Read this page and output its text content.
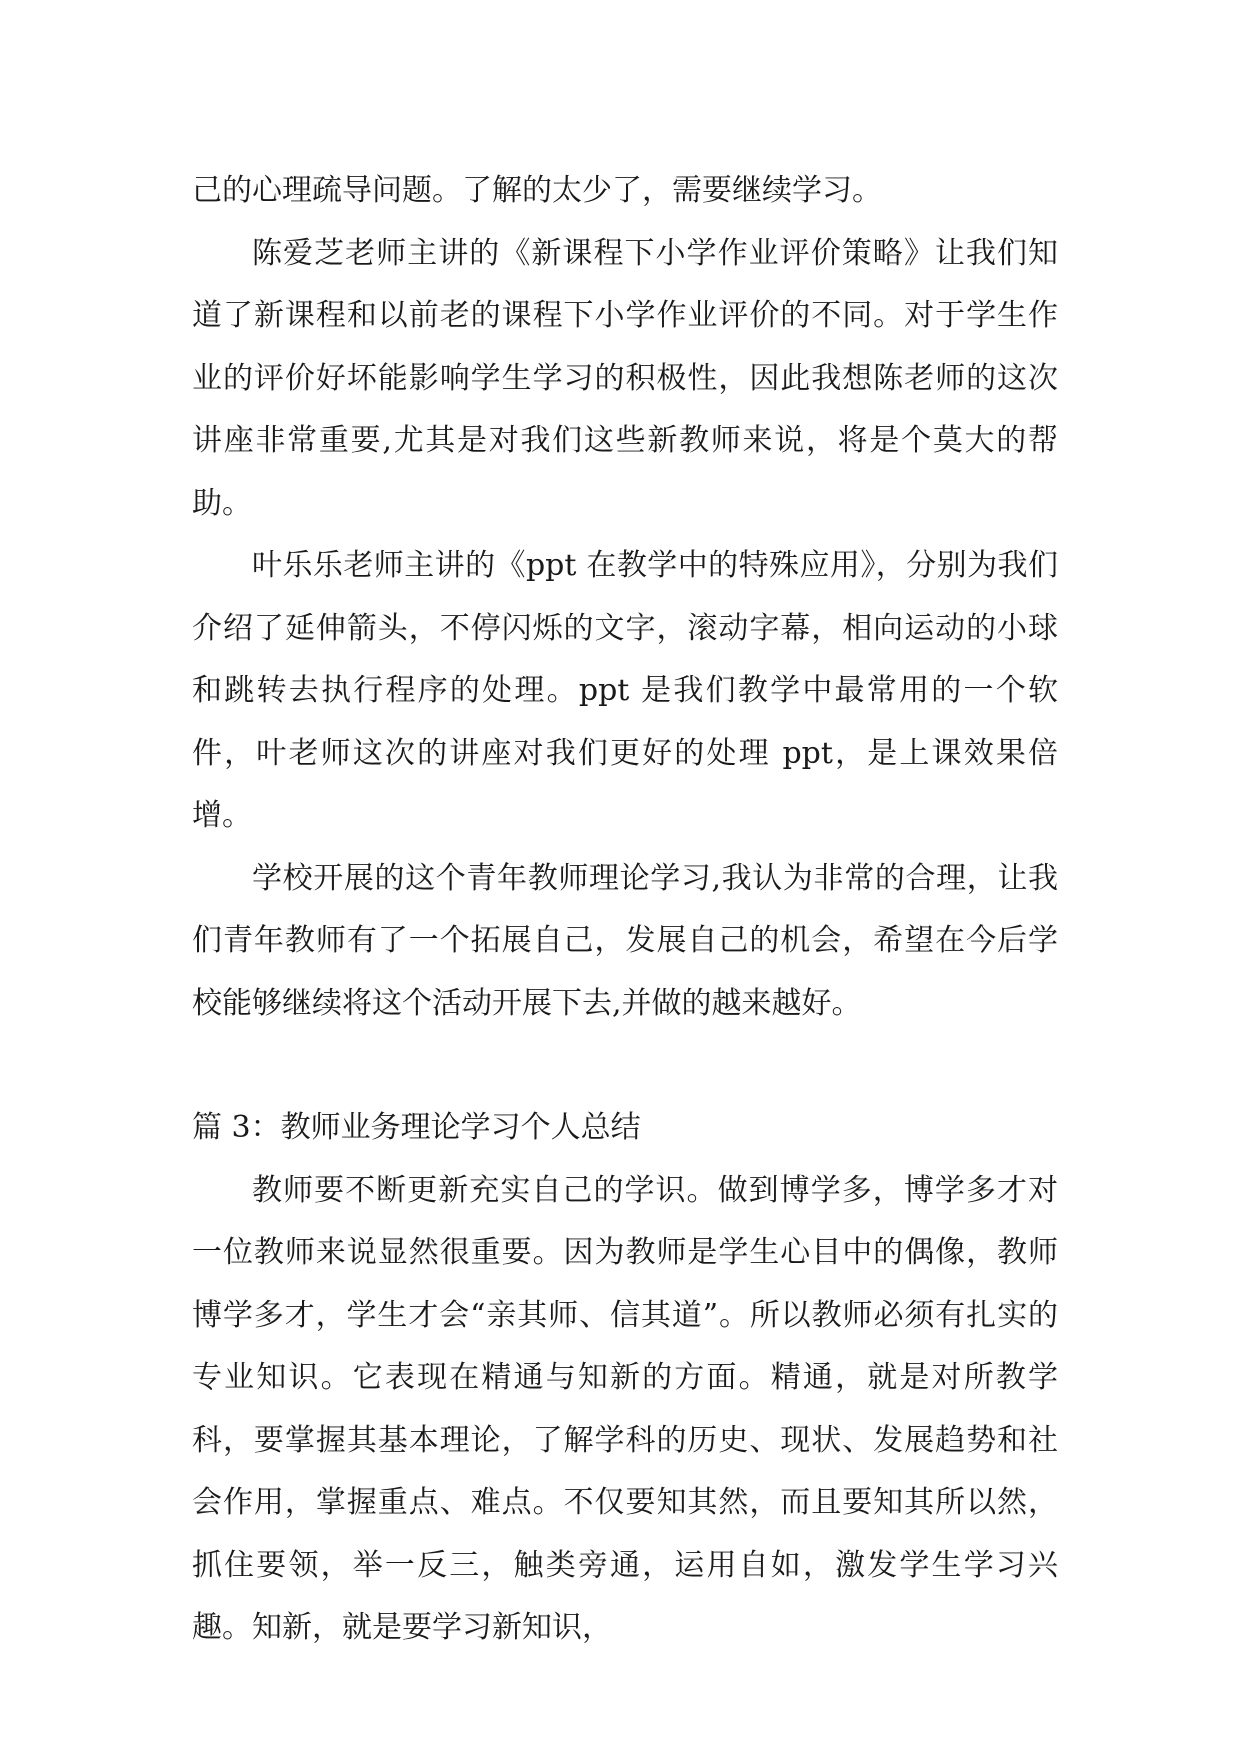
己的心理疏导问题。了解的太少了，需要继续学习。

陈爱芝老师主讲的《新课程下小学作业评价策略》让我们知道了新课程和以前老的课程下小学作业评价的不同。对于学生作业的评价好坏能影响学生学习的积极性，因此我想陈老师的这次讲座非常重要,尤其是对我们这些新教师来说，将是个莫大的帮助。

叶乐乐老师主讲的《ppt 在教学中的特殊应用》，分别为我们介绍了延伸箭头，不停闪烁的文字，滚动字幕，相向运动的小球和跳转去执行程序的处理。ppt 是我们教学中最常用的一个软件，叶老师这次的讲座对我们更好的处理 ppt，是上课效果倍增。

学校开展的这个青年教师理论学习,我认为非常的合理，让我们青年教师有了一个拓展自己，发展自己的机会，希望在今后学校能够继续将这个活动开展下去,并做的越来越好。

篇 3：教师业务理论学习个人总结

教师要不断更新充实自己的学识。做到博学多，博学多才对一位教师来说显然很重要。因为教师是学生心目中的偶像，教师博学多才，学生才会“亲其师、信其道”。所以教师必须有扎实的专业知识。它表现在精通与知新的方面。精通，就是对所教学科，要掌握其基本理论，了解学科的历史、现状、发展趋势和社会作用，掌握重点、难点。不仅要知其然，而且要知其所以然，抓住要领，举一反三，触类旁通，运用自如，激发学生学习兴趣。知新，就是要学习新知识，
